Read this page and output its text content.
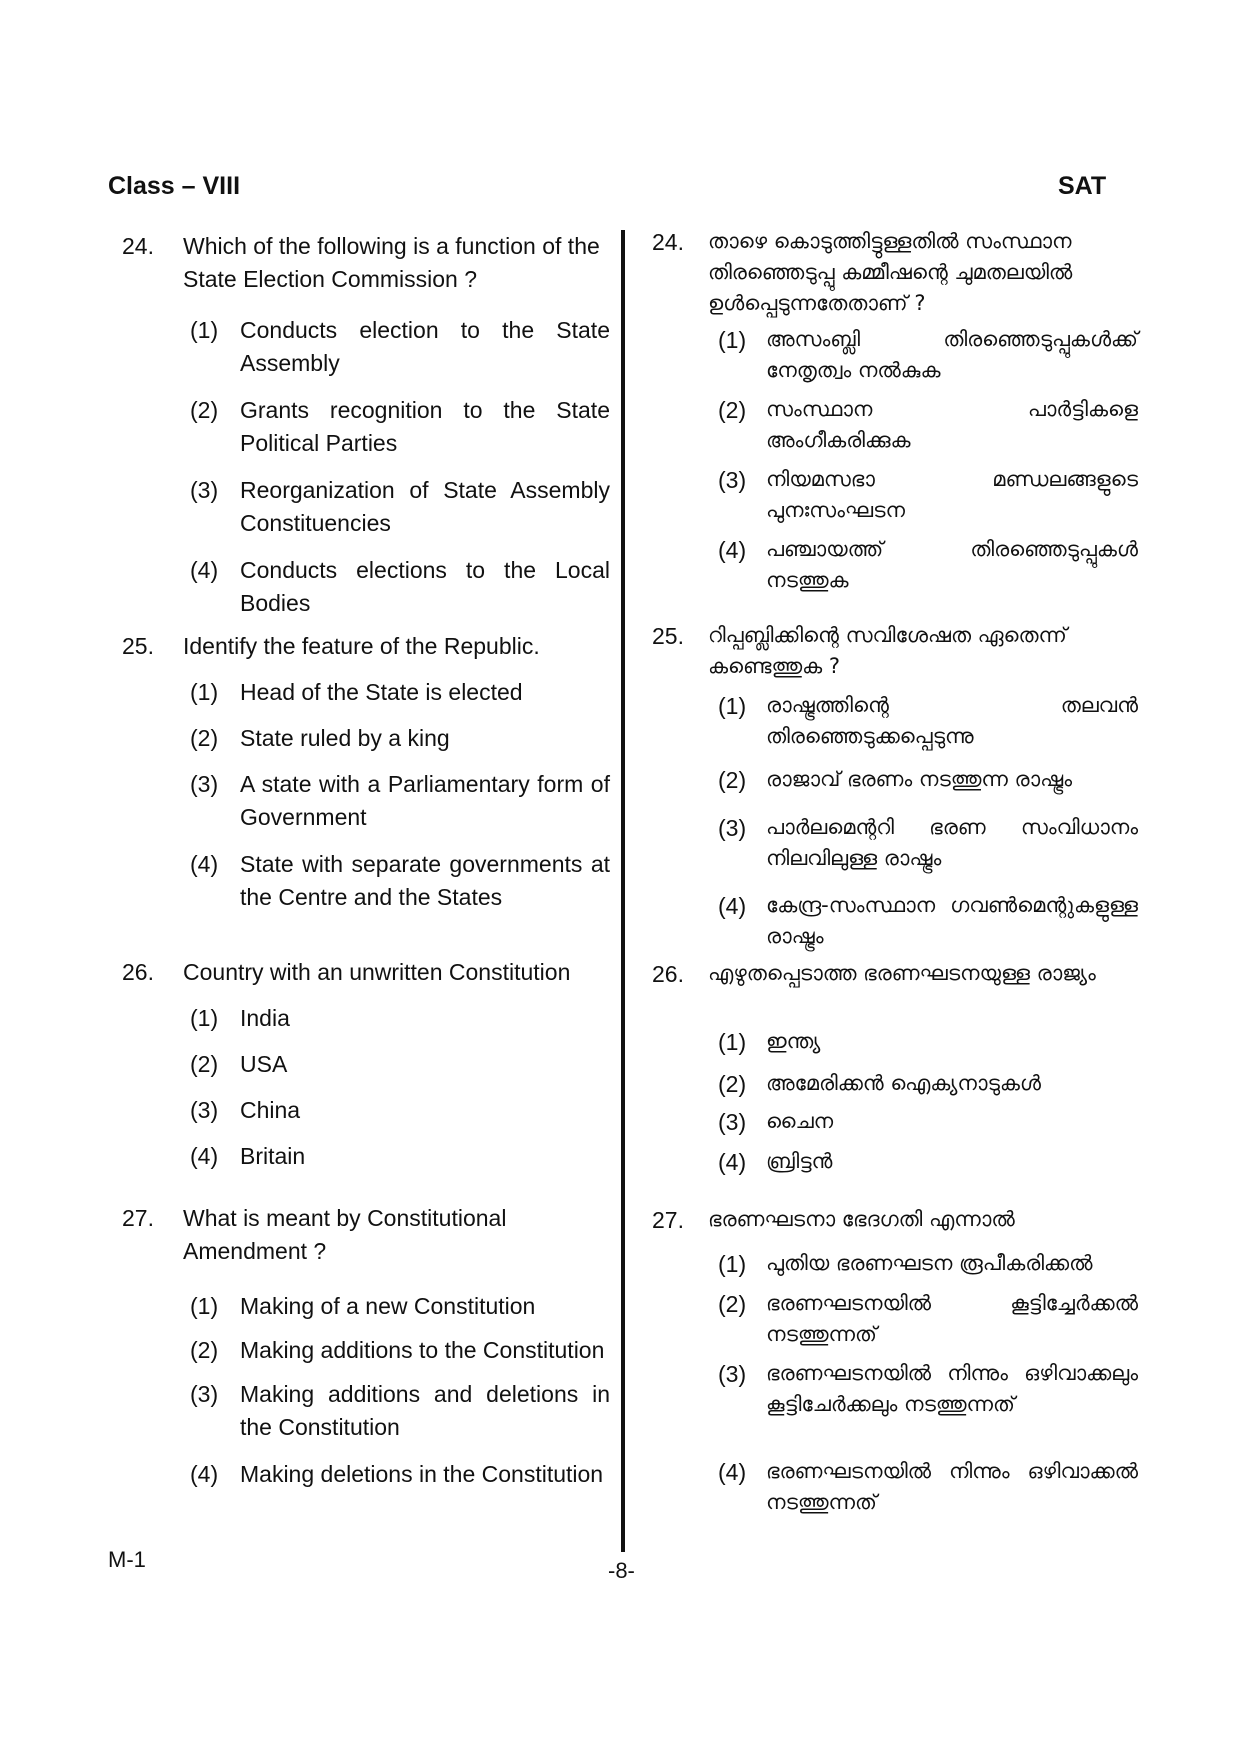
Class – VIII	SAT
24. Which of the following is a function of the State Election Commission ?
(1) Conducts election to the State Assembly
(2) Grants recognition to the State Political Parties
(3) Reorganization of State Assembly Constituencies
(4) Conducts elections to the Local Bodies
25. Identify the feature of the Republic.
(1) Head of the State is elected
(2) State ruled by a king
(3) A state with a Parliamentary form of Government
(4) State with separate governments at the Centre and the States
26. Country with an unwritten Constitution
(1) India
(2) USA
(3) China
(4) Britain
27. What is meant by Constitutional Amendment ?
(1) Making of a new Constitution
(2) Making additions to the Constitution
(3) Making additions and deletions in the Constitution
(4) Making deletions in the Constitution
24. താഴെ കൊടുത്തിട്ടുള്ളതിൽ സംസ്ഥാന തിരഞ്ഞെടുപ്പു കമ്മീഷന്റെ ചുമതലയിൽ ഉൾപ്പെടുന്നതേതാണ് ?
(1) അസംബ്ലി തിരഞ്ഞെടുപ്പുകൾക്ക് നേതൃത്വം നൽകുക
(2) സംസ്ഥാന പാർട്ടികളെ അംഗീകരിക്കുക
(3) നിയമസഭാ മണ്ഡലങ്ങളുടെ പുനഃസംഘടന
(4) പഞ്ചായത്ത് തിരഞ്ഞെടുപ്പുകൾ നടത്തുക
25. റിപ്പബ്ലിക്കിന്റെ സവിശേഷത ഏതെന്ന് കണ്ടെത്തുക ?
(1) രാഷ്ട്രത്തിന്റെ തലവൻ തിരഞ്ഞെടുക്കപ്പെടുന്നു
(2) രാജാവ് ഭരണം നടത്തുന്ന രാഷ്ട്രം
(3) പാർലമെന്ററി ഭരണ സംവിധാനം നിലവിലുള്ള രാഷ്ട്രം
(4) കേന്ദ്ര-സംസ്ഥാന ഗവൺമെന്റുകളുള്ള രാഷ്ട്രം
26. എഴുതപ്പെടാത്ത ഭരണഘടനയുള്ള രാജ്യം
(1) ഇന്ത്യ
(2) അമേരിക്കൻ ഐക്യനാടുകൾ
(3) ചൈന
(4) ബ്രിട്ടൻ
27. ഭരണഘടനാ ഭേദഗതി എന്നാൽ
(1) പുതിയ ഭരണഘടന രൂപീകരിക്കൽ
(2) ഭരണഘടനയിൽ കൂട്ടിച്ചേർക്കൽ നടത്തുന്നത്
(3) ഭരണഘടനയിൽ നിന്നും ഒഴിവാക്കലും കൂട്ടിചേർക്കലും നടത്തുന്നത്
(4) ഭരണഘടനയിൽ നിന്നും ഒഴിവാക്കൽ നടത്തുന്നത്
M-1	-8-
